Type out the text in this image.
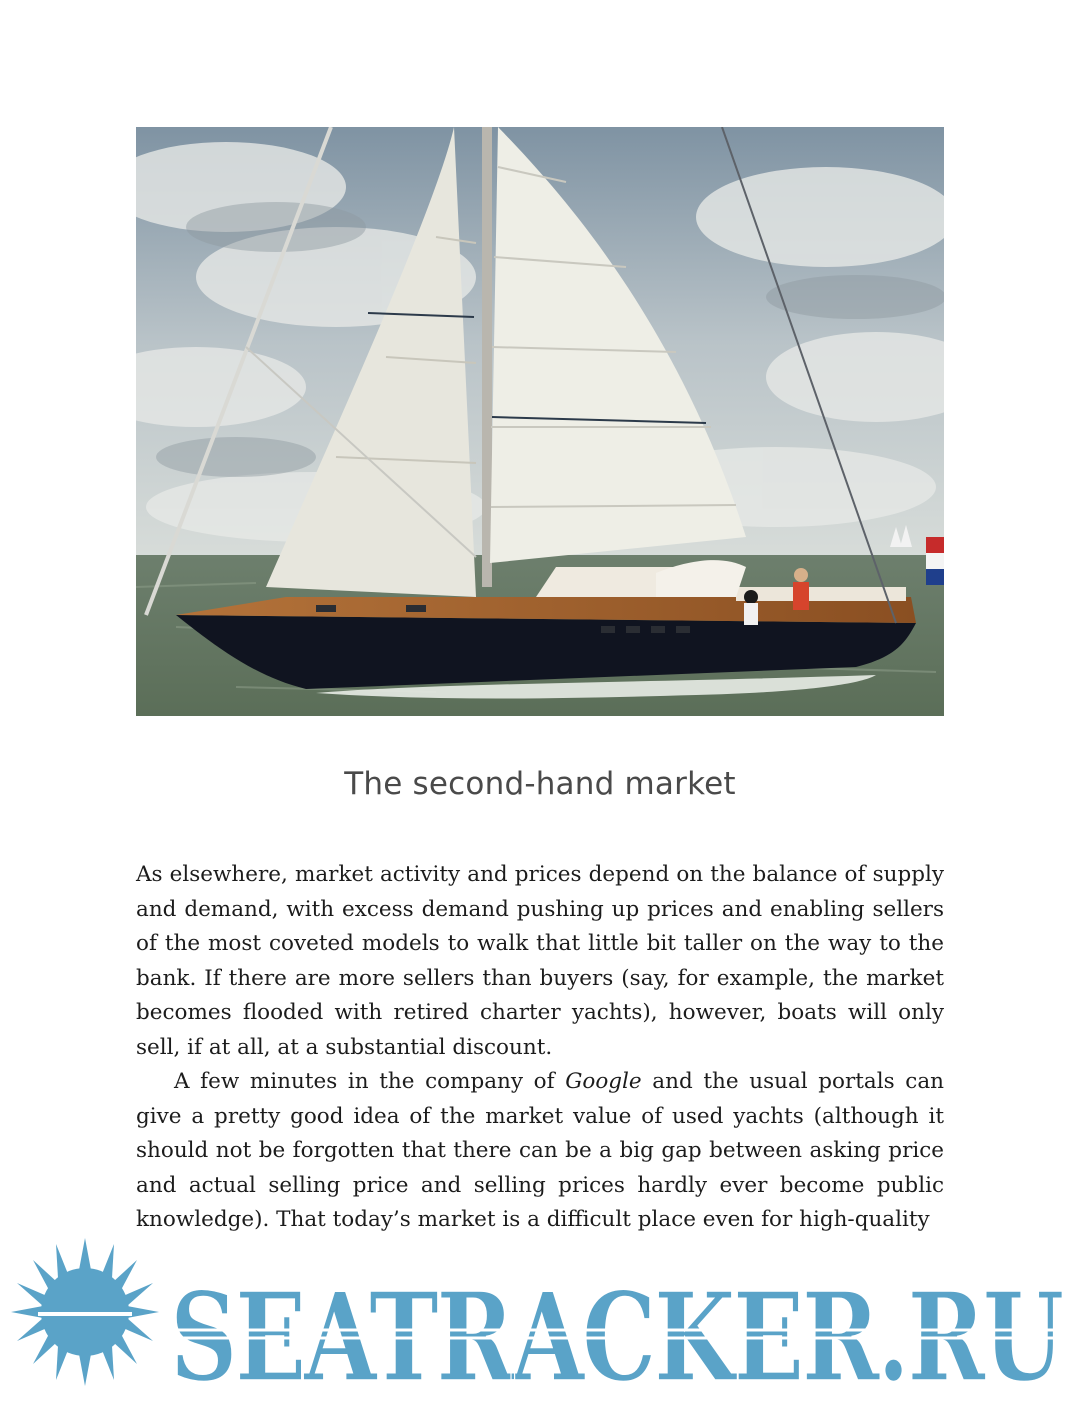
The second-hand market

As elsewhere, market activity and prices depend on the balance of supply and demand, with excess demand pushing up prices and enabling sellers of the most coveted models to walk that little bit taller on the way to the bank. If there are more sellers than buyers (say, for example, the market becomes flooded with retired charter yachts), however, boats will only sell, if at all, at a substantial discount.

A few minutes in the company of Google and the usual portals can give a pretty good idea of the market value of used yachts (although it should not be forgotten that there can be a big gap between asking price and actual selling price and selling prices hardly ever become public knowledge). That today’s market is a difficult place even for high-quality

SEATRACKER.RU
